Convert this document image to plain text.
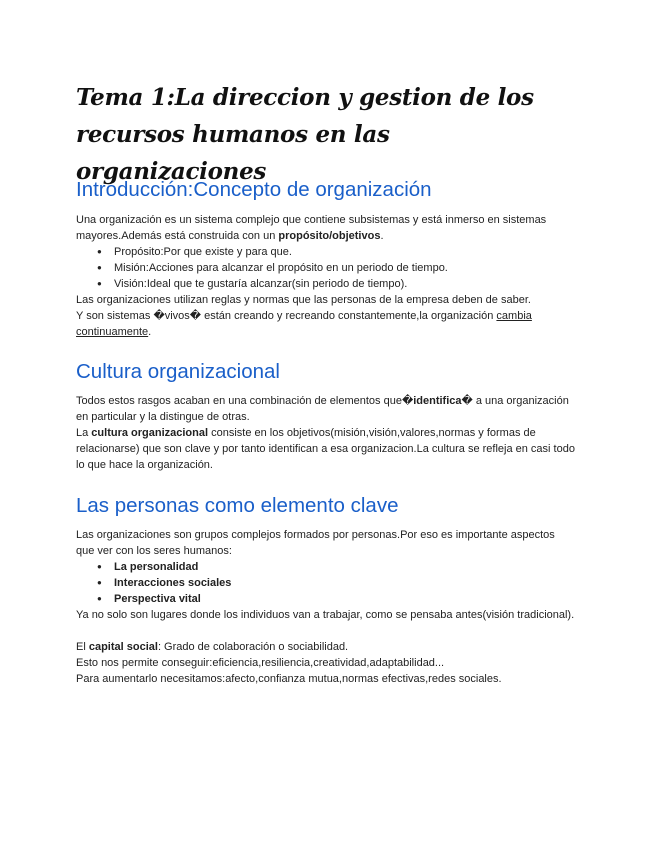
Tema 1:La direccion y gestion de los recursos humanos en las organizaciones
Introducción:Concepto de organización

Una organización es un sistema complejo que contiene subsistemas y está inmerso en sistemas mayores.Además está construida con un propósito/objetivos.

● Propósito:Por que existe y para que.
● Misión:Acciones para alcanzar el propósito en un periodo de tiempo.
● Visión:Ideal que te gustaría alcanzar(sin periodo de tiempo).

Las organizaciones utilizan reglas y normas que las personas de la empresa deben de saber.

Y son sistemas �vivos� están creando y recreando constantemente,la organización cambia continuamente.

Cultura organizacional

Todos estos rasgos acaban en una combinación de elementos que�identifica� a una organización en particular y la distingue de otras.

La cultura organizacional consiste en los objetivos(misión,visión,valores,normas y formas de relacionarse) que son clave y por tanto identifican a esa organizacion.La cultura se refleja en casi todo lo que hace la organización.

Las personas como elemento clave

Las organizaciones son grupos complejos formados por personas.Por eso es importante aspectos que ver con los seres humanos:

● La personalidad
● Interacciones sociales
● Perspectiva vital

Ya no solo son lugares donde los individuos van a trabajar, como se pensaba antes(visión tradicional).

El capital social: Grado de colaboración o sociabilidad.

Esto nos permite conseguir:eficiencia,resiliencia,creatividad,adaptabilidad...

Para aumentarlo necesitamos:afecto,confianza mutua,normas efectivas,redes sociales.
